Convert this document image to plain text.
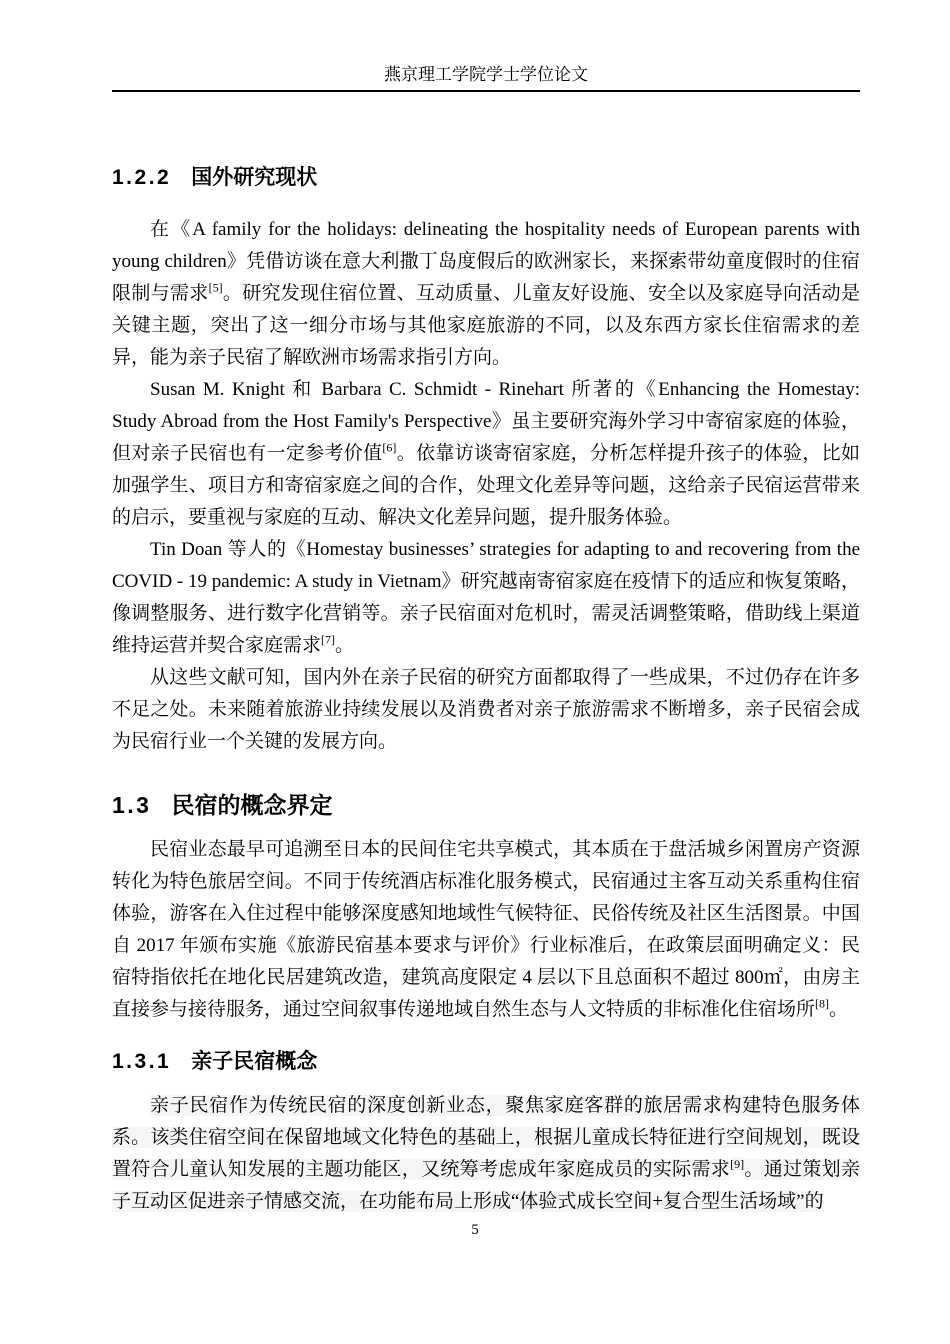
燕京理工学院学士学位论文
1.2.2 国外研究现状

在《A family for the holidays: delineating the hospitality needs of European parents with young children》凭借访谈在意大利撒丁岛度假后的欧洲家长，来探索带幼童度假时的住宿限制与需求[5]。研究发现住宿位置、互动质量、儿童友好设施、安全以及家庭导向活动是关键主题，突出了这一细分市场与其他家庭旅游的不同，以及东西方家长住宿需求的差异，能为亲子民宿了解欧洲市场需求指引方向。

Susan M. Knight 和 Barbara C. Schmidt - Rinehart 所著的《Enhancing the Homestay: Study Abroad from the Host Family's Perspective》虽主要研究海外学习中寄宿家庭的体验，但对亲子民宿也有一定参考价值[6]。依靠访谈寄宿家庭，分析怎样提升孩子的体验，比如加强学生、项目方和寄宿家庭之间的合作，处理文化差异等问题，这给亲子民宿运营带来的启示，要重视与家庭的互动、解决文化差异问题，提升服务体验。

Tin Doan 等人的《Homestay businesses’ strategies for adapting to and recovering from the COVID - 19 pandemic: A study in Vietnam》研究越南寄宿家庭在疫情下的适应和恢复策略，像调整服务、进行数字化营销等。亲子民宿面对危机时，需灵活调整策略，借助线上渠道维持运营并契合家庭需求[7]。

从这些文献可知，国内外在亲子民宿的研究方面都取得了一些成果，不过仍存在许多不足之处。未来随着旅游业持续发展以及消费者对亲子旅游需求不断增多，亲子民宿会成为民宿行业一个关键的发展方向。

1.3 民宿的概念界定

民宿业态最早可追溯至日本的民间住宅共享模式，其本质在于盘活城乡闲置房产资源转化为特色旅居空间。不同于传统酒店标准化服务模式，民宿通过主客互动关系重构住宿体验，游客在入住过程中能够深度感知地域性气候特征、民俗传统及社区生活图景。中国自 2017 年颁布实施《旅游民宿基本要求与评价》行业标准后，在政策层面明确定义：民宿特指依托在地化民居建筑改造，建筑高度限定 4 层以下且总面积不超过 800㎡，由房主直接参与接待服务，通过空间叙事传递地域自然生态与人文特质的非标准化住宿场所[8]。

1.3.1 亲子民宿概念

亲子民宿作为传统民宿的深度创新业态，聚焦家庭客群的旅居需求构建特色服务体系。该类住宿空间在保留地域文化特色的基础上，根据儿童成长特征进行空间规划，既设置符合儿童认知发展的主题功能区，又统筹考虑成年家庭成员的实际需求[9]。通过策划亲子互动区促进亲子情感交流，在功能布局上形成“体验式成长空间+复合型生活场域”的

5
